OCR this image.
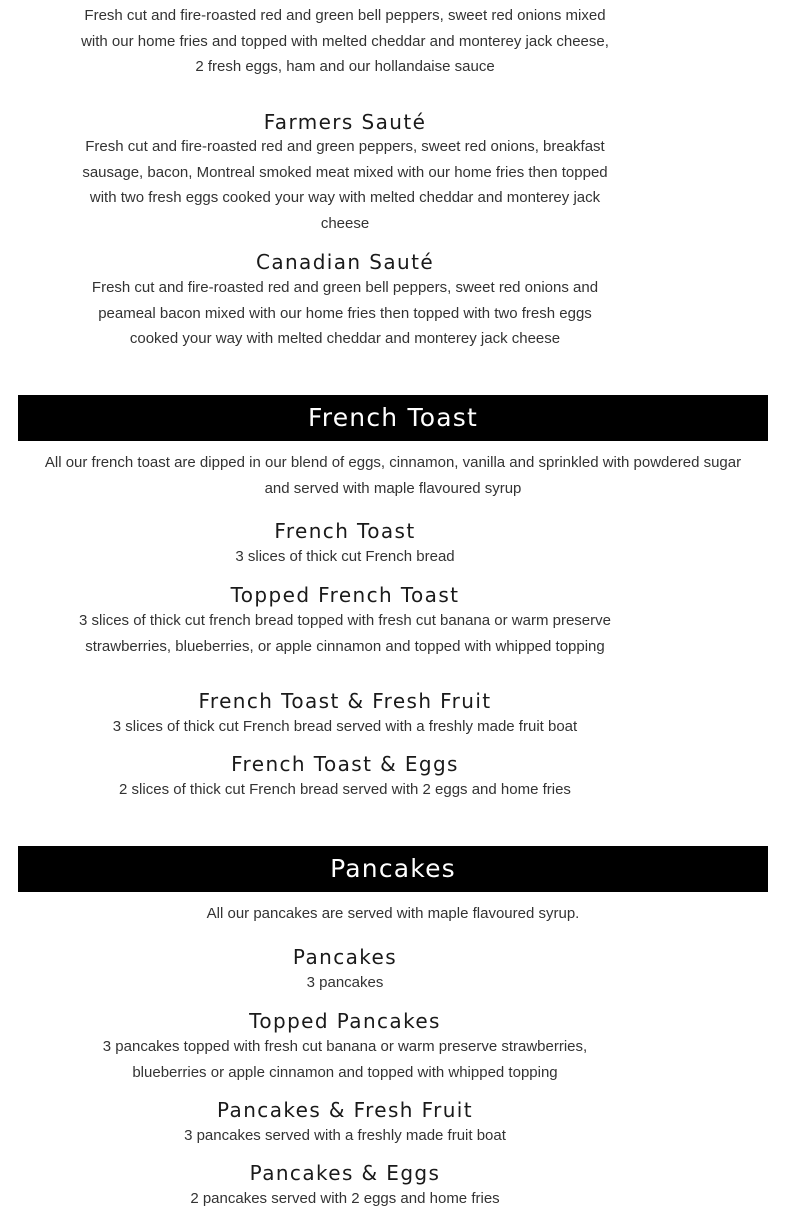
Fresh cut and fire-roasted red and green bell peppers, sweet red onions mixed
with our home fries and topped with melted cheddar and monterey jack cheese,
2 fresh eggs, ham and our hollandaise sauce
Farmers Sauté
Fresh cut and fire-roasted red and green peppers, sweet red onions, breakfast
sausage, bacon, Montreal smoked meat mixed with our home fries then topped
with two fresh eggs cooked your way with melted cheddar and monterey jack
cheese
Canadian Sauté
Fresh cut and fire-roasted red and green bell peppers, sweet red onions and
peameal bacon mixed with our home fries then topped with two fresh eggs
cooked your way with melted cheddar and monterey jack cheese
French Toast
All our french toast are dipped in our blend of eggs, cinnamon, vanilla and sprinkled with powdered sugar
and served with maple flavoured syrup
French Toast
3 slices of thick cut French bread
Topped French Toast
3 slices of thick cut french bread topped with fresh cut banana or warm preserve
strawberries, blueberries, or apple cinnamon and topped with whipped topping
French Toast & Fresh Fruit
3 slices of thick cut French bread served with a freshly made fruit boat
French Toast & Eggs
2 slices of thick cut French bread served with 2 eggs and home fries
Pancakes
All our pancakes are served with maple flavoured syrup.
Pancakes
3 pancakes
Topped Pancakes
3 pancakes topped with fresh cut banana or warm preserve strawberries,
blueberries or apple cinnamon and topped with whipped topping
Pancakes & Fresh Fruit
3 pancakes served with a freshly made fruit boat
Pancakes & Eggs
2 pancakes served with 2 eggs and home fries
